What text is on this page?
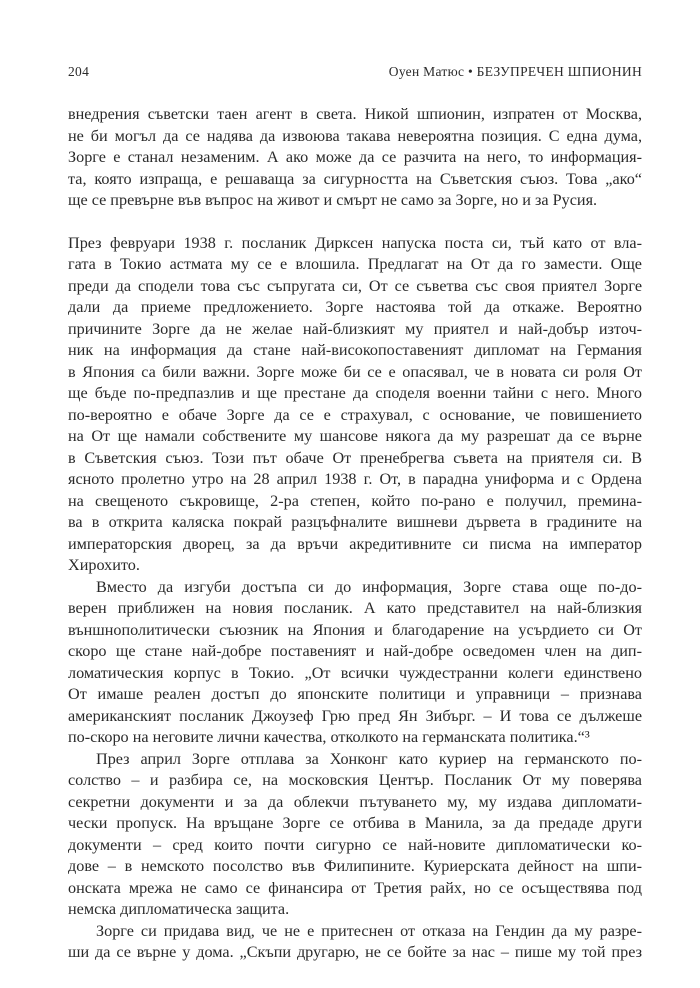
204	Оуен Матюс • БЕЗУПРЕЧЕН ШПИОНИН
внедрения съветски таен агент в света. Никой шпионин, изпратен от Москва,
не би могъл да се надява да извоюва такава невероятна позиция. С една дума,
Зорге е станал незаменим. А ако може да се разчита на него, то информация-
та, която изпраща, е решаваща за сигурността на Съветския съюз. Това „ако“
ще се превърне във въпрос на живот и смърт не само за Зорге, но и за Русия.
През февруари 1938 г. посланик Дирксен напуска поста си, тъй като от вла-
гата в Токио астмата му се е влошила. Предлагат на От да го замести. Още
преди да сподели това със съпругата си, От се съветва със своя приятел Зорге
дали да приеме предложението. Зорге настоява той да откаже. Вероятно
причините Зорге да не желае най-близкият му приятел и най-добър източ-
ник на информация да стане най-високопоставеният дипломат на Германия
в Япония са били важни. Зорге може би се е опасявал, че в новата си роля От
ще бъде по-предпазлив и ще престане да споделя военни тайни с него. Много
по-вероятно е обаче Зорге да се е страхувал, с основание, че повишението
на От ще намали собствените му шансове някога да му разрешат да се върне
в Съветския съюз. Този път обаче От пренебрегва съвета на приятеля си. В
ясното пролетно утро на 28 април 1938 г. От, в парадна униформа и с Ордена
на свещеното съкровище, 2-ра степен, който по-рано е получил, премина-
ва в открита каляска покрай разцъфналите вишневи дървета в градините на
императорския дворец, за да връчи акредитивните си писма на император
Хирохито.
Вместо да изгуби достъпа си до информация, Зорге става още по-до-
верен приближен на новия посланик. А като представител на най-близкия
външнополитически съюзник на Япония и благодарение на усърдието си От
скоро ще стане най-добре поставеният и най-добре осведомен член на дип-
ломатическия корпус в Токио. „От всички чуждестранни колеги единствено
От имаше реален достъп до японските политици и управници – признава
американският посланик Джоузеф Грю пред Ян Зибърг. – И това се дължеше
по-скоро на неговите лични качества, отколкото на германската политика.“³
През април Зорге отплава за Хонконг като куриер на германското по-
солство – и разбира се, на московския Център. Посланик От му поверява
секретни документи и за да облекчи пътуването му, му издава дипломати-
чески пропуск. На връщане Зорге се отбива в Манила, за да предаде други
документи – сред които почти сигурно се най-новите дипломатически ко-
дове – в немското посолство във Филипините. Куриерската дейност на шпи-
онската мрежа не само се финансира от Третия райх, но се осъществява под
немска дипломатическа защита.
Зорге си придава вид, че не е притеснен от отказа на Гендин да му разре-
ши да се върне у дома. „Скъпи другарю, не се бойте за нас – пише му той през
